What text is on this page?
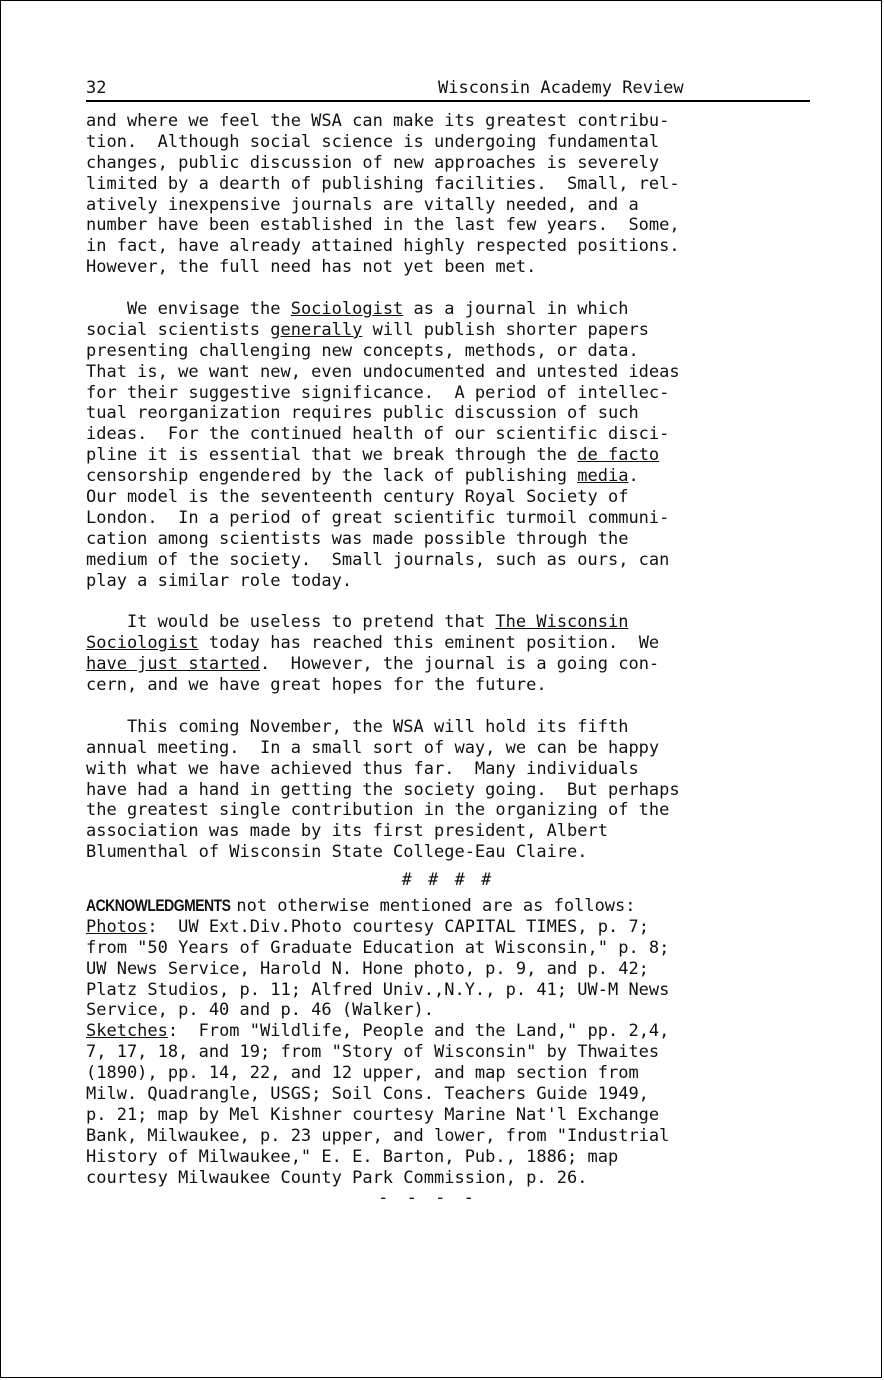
32	Wisconsin Academy Review
and where we feel the WSA can make its greatest contribu-
tion.  Although social science is undergoing fundamental
changes, public discussion of new approaches is severely
limited by a dearth of publishing facilities.  Small, rel-
atively inexpensive journals are vitally needed, and a
number have been established in the last few years.  Some,
in fact, have already attained highly respected positions.
However, the full need has not yet been met.
We envisage the Sociologist as a journal in which
social scientists generally will publish shorter papers
presenting challenging new concepts, methods, or data.
That is, we want new, even undocumented and untested ideas
for their suggestive significance.  A period of intellec-
tual reorganization requires public discussion of such
ideas.  For the continued health of our scientific disci-
pline it is essential that we break through the de facto
censorship engendered by the lack of publishing media.
Our model is the seventeenth century Royal Society of
London.  In a period of great scientific turmoil communi-
cation among scientists was made possible through the
medium of the society.  Small journals, such as ours, can
play a similar role today.
It would be useless to pretend that The Wisconsin
Sociologist today has reached this eminent position.  We
have just started.  However, the journal is a going con-
cern, and we have great hopes for the future.
This coming November, the WSA will hold its fifth
annual meeting.  In a small sort of way, we can be happy
with what we have achieved thus far.  Many individuals
have had a hand in getting the society going.  But perhaps
the greatest single contribution in the organizing of the
association was made by its first president, Albert
Blumenthal of Wisconsin State College-Eau Claire.
# # # #
ACKNOWLEDGMENTS not otherwise mentioned are as follows:
Photos:  UW Ext.Div.Photo courtesy CAPITAL TIMES, p. 7;
from "50 Years of Graduate Education at Wisconsin," p. 8;
UW News Service, Harold N. Hone photo, p. 9, and p. 42;
Platz Studios, p. 11; Alfred Univ.,N.Y., p. 41; UW-M News
Service, p. 40 and p. 46 (Walker).
Sketches:  From "Wildlife, People and the Land," pp. 2,4,
7, 17, 18, and 19; from "Story of Wisconsin" by Thwaites
(1890), pp. 14, 22, and 12 upper, and map section from
Milw. Quadrangle, USGS; Soil Cons. Teachers Guide 1949,
p. 21; map by Mel Kishner courtesy Marine Nat'l Exchange
Bank, Milwaukee, p. 23 upper, and lower, from "Industrial
History of Milwaukee," E. E. Barton, Pub., 1886; map
courtesy Milwaukee County Park Commission, p. 26.
- - - -
